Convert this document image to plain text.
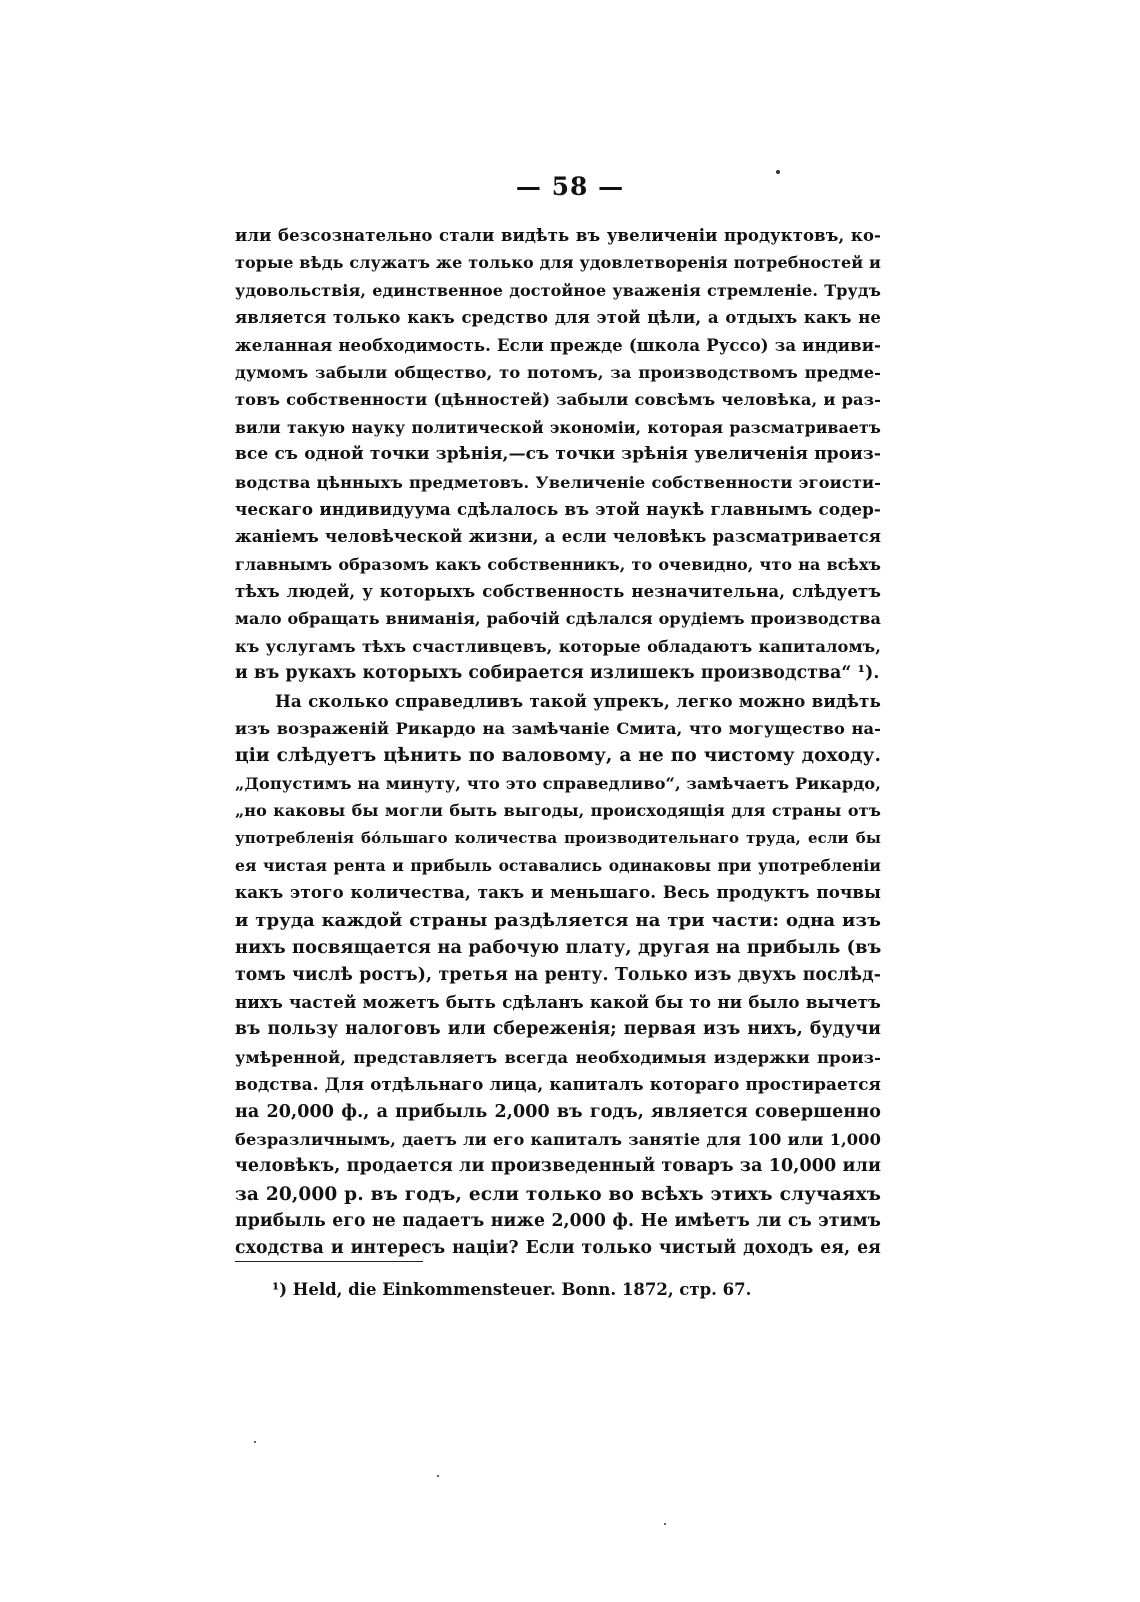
— 58 —
или безсознательно стали видѣть въ увеличеніи продуктовъ, ко-
торые вѣдь служатъ же только для удовлетворенія потребностей и
удовольствія, единственное достойное уваженія стремленіе. Трудъ
является только какъ средство для этой цѣли, а отдыхъ какъ не
желанная необходимость. Если прежде (школа Руссо) за индиви-
думомъ забыли общество, то потомъ, за производствомъ предме-
товъ собственности (цѣнностей) забыли совсѣмъ человѣка, и раз-
вили такую науку политической экономіи, которая разсматриваетъ
все съ одной точки зрѣнія,—съ точки зрѣнія увеличенія произ-
водства цѣнныхъ предметовъ. Увеличеніе собственности эгоисти-
ческаго индивидуума сдѣлалось въ этой наукѣ главнымъ содер-
жаніемъ человѣческой жизни, а если человѣкъ разсматривается
главнымъ образомъ какъ собственникъ, то очевидно, что на всѣхъ
тѣхъ людей, у которыхъ собственность незначительна, слѣдуетъ
мало обращать вниманія, рабочій сдѣлался орудіемъ производства
къ услугамъ тѣхъ счастливцевъ, которые обладаютъ капиталомъ,
и въ рукахъ которыхъ собирается излишекъ производства“ ¹).
На сколько справедливъ такой упрекъ, легко можно видѣть
изъ возраженій Рикардо на замѣчаніе Смита, что могущество на-
ціи слѣдуетъ цѣнить по валовому, а не по чистому доходу.
„Допустимъ на минуту, что это справедливо“, замѣчаетъ Рикардо,
„но каковы бы могли быть выгоды, происходящія для страны отъ
употребленія бо́льшаго количества производительнаго труда, если бы
ея чистая рента и прибыль оставались одинаковы при употребленіи
какъ этого количества, такъ и меньшаго. Весь продуктъ почвы
и труда каждой страны раздѣляется на три части: одна изъ
нихъ посвящается на рабочую плату, другая на прибыль (въ
томъ числѣ ростъ), третья на ренту. Только изъ двухъ послѣд-
нихъ частей можетъ быть сдѣланъ какой бы то ни было вычетъ
въ пользу налоговъ или сбереженія; первая изъ нихъ, будучи
умѣренной, представляетъ всегда необходимыя издержки произ-
водства. Для отдѣльнаго лица, капиталъ котораго простирается
на 20,000 ф., а прибыль 2,000 въ годъ, является совершенно
безразличнымъ, даетъ ли его капиталъ занятіе для 100 или 1,000
человѣкъ, продается ли произведенный товаръ за 10,000 или
за 20,000 р. въ годъ, если только во всѣхъ этихъ случаяхъ
прибыль его не падаетъ ниже 2,000 ф. Не имѣетъ ли съ этимъ
сходства и интересъ націи? Если только чистый доходъ ея, ея
¹) Held, die Einkommensteuer. Bonn. 1872, стр. 67.
